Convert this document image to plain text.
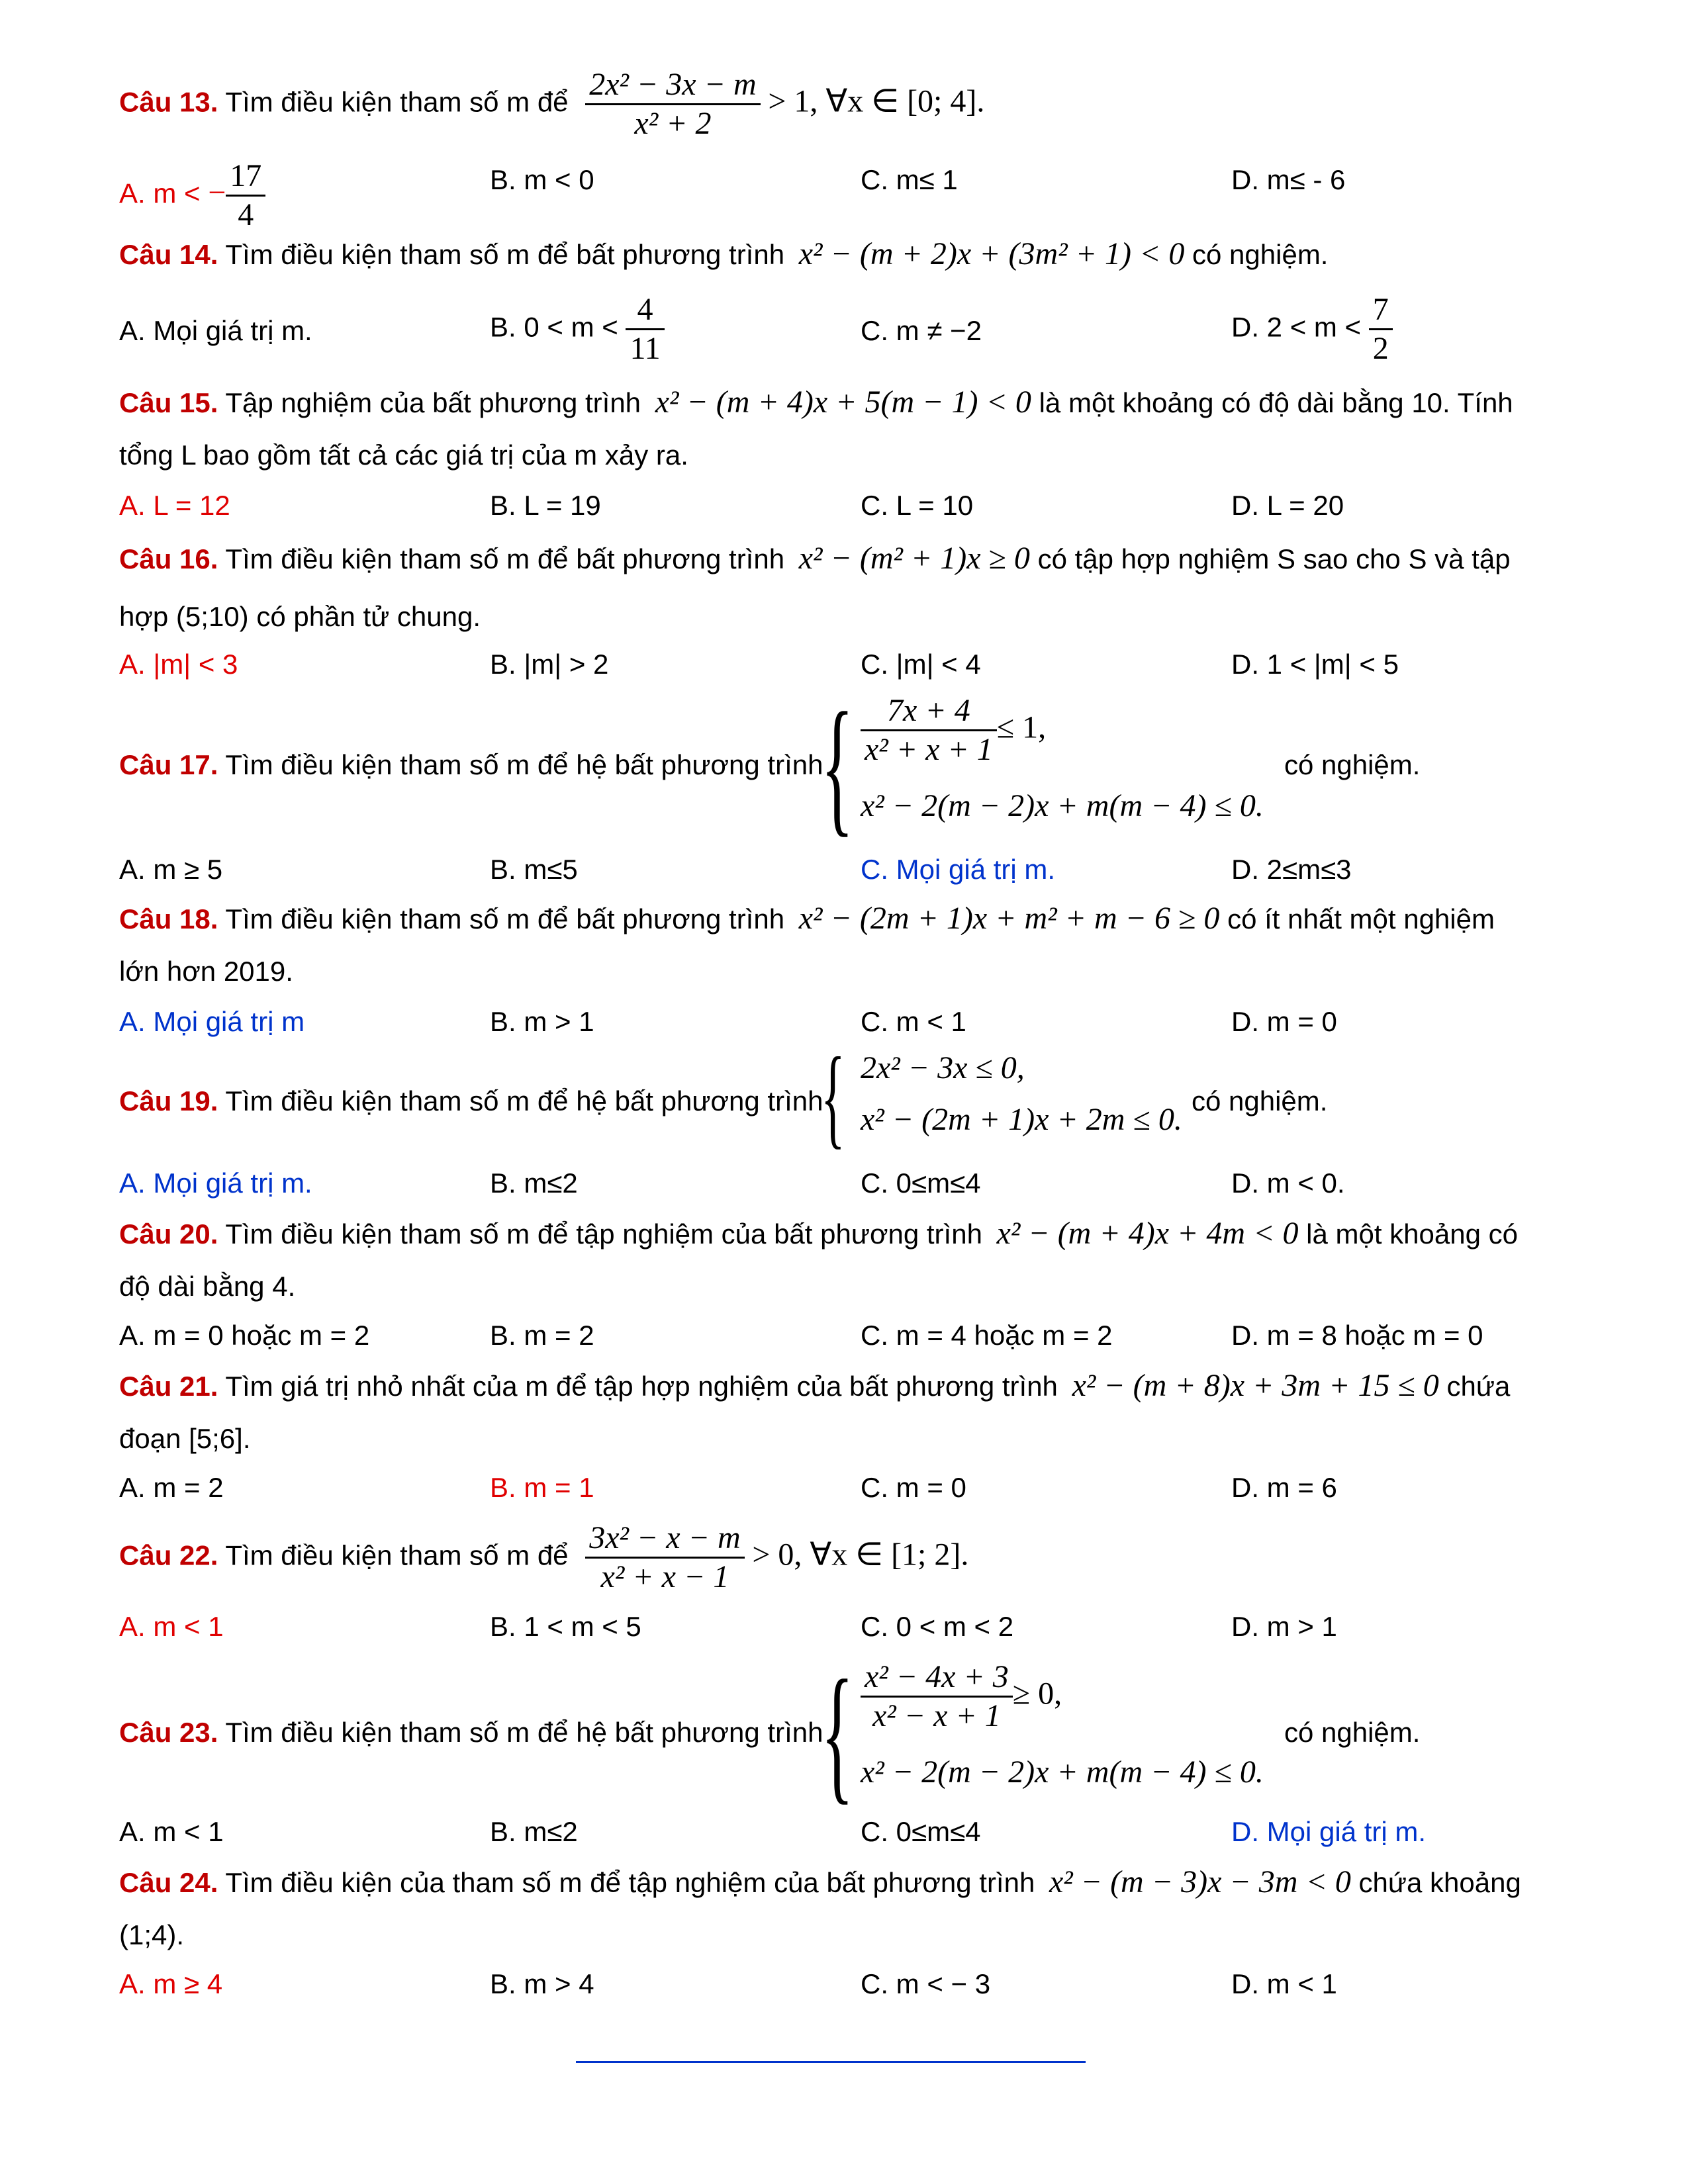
Câu 13. Tìm điều kiện tham số m để $\frac{\text{2x² − 3x − m}}{\text{x² + 2}} > 1$, ∀x ∈ [0; 4].
A. m < − $\frac{17}{4}$	B. m < 0	C. m≤ 1	D. m≤ - 6
Câu 14. Tìm điều kiện tham số m để bất phương trình x² − (m + 2)x + (3m² + 1) < 0 có nghiệm.
A. Mọi giá trị m.	B. $0 < m < \frac{4}{11}$	C. m ≠ −2	D. $2 < m < \frac{7}{2}$
Câu 15. Tập nghiệm của bất phương trình x² − (m + 4)x + 5(m − 1) < 0 là một khoảng có độ dài bằng 10. Tính
tổng L bao gồm tất cả các giá trị của m xảy ra.
A. L = 12	B. L = 19	C. L = 10	D. L = 20
Câu 16. Tìm điều kiện tham số m để bất phương trình x² − (m² + 1)x ≥ 0 có tập hợp nghiệm S sao cho S và tập
hợp (5;10) có phần tử chung.
A. |m| < 3	B. |m| > 2	C. |m| < 4	D. 1 < |m| < 5
Câu 17. Tìm điều kiện tham số m để hệ bất phương trình
{ $\frac{7x + 4}{\text{x² + x + 1}} \le 1$,
x² − 2(m − 2)x + m(m − 4) ≤ 0.
có nghiệm.
A. m ≥ 5	B. m≤5	C. Mọi giá trị m.	D. 2≤m≤3
Câu 18. Tìm điều kiện tham số m để bất phương trình x² − (2m + 1)x + m² + m − 6 ≥ 0 có ít nhất một nghiệm
lớn hơn 2019.
A. Mọi giá trị m	B. m > 1	C. m < 1	D. m = 0
Câu 19. Tìm điều kiện tham số m để hệ bất phương trình
{ 2x² − 3x ≤ 0,
x² − (2m + 1)x + 2m ≤ 0.
có nghiệm.
A. Mọi giá trị m.	B. m≤2	C. 0≤m≤4	D. m < 0.
Câu 20. Tìm điều kiện tham số m để tập nghiệm của bất phương trình x² − (m + 4)x + 4m < 0 là một khoảng có
độ dài bằng 4.
A. m = 0 hoặc m = 2	B. m = 2	C. m = 4 hoặc m = 2	D. m = 8 hoặc m = 0
Câu 21. Tìm giá trị nhỏ nhất của m để tập hợp nghiệm của bất phương trình x² − (m + 8)x + 3m + 15 ≤ 0 chứa
đoạn [5;6].
A. m = 2	B. m = 1	C. m = 0	D. m = 6
Câu 22. Tìm điều kiện tham số m để $\frac{\text{3x² − x − m}}{\text{x² + x − 1}} > 0$, ∀x ∈ [1; 2].
A. m < 1	B. 1 < m < 5	C. 0 < m < 2	D. m > 1
Câu 23. Tìm điều kiện tham số m để hệ bất phương trình
{ $\frac{\text{x² − 4x + 3}}{\text{x² − x + 1}} \ge 0$,
x² − 2(m − 2)x + m(m − 4) ≤ 0.
có nghiệm.
A. m < 1	B. m≤2	C. 0≤m≤4	D. Mọi giá trị m.
Câu 24. Tìm điều kiện của tham số m để tập nghiệm của bất phương trình x² − (m − 3)x − 3m < 0 chứa khoảng
(1;4).
A. m ≥ 4	B. m > 4	C. m < − 3	D. m < 1
